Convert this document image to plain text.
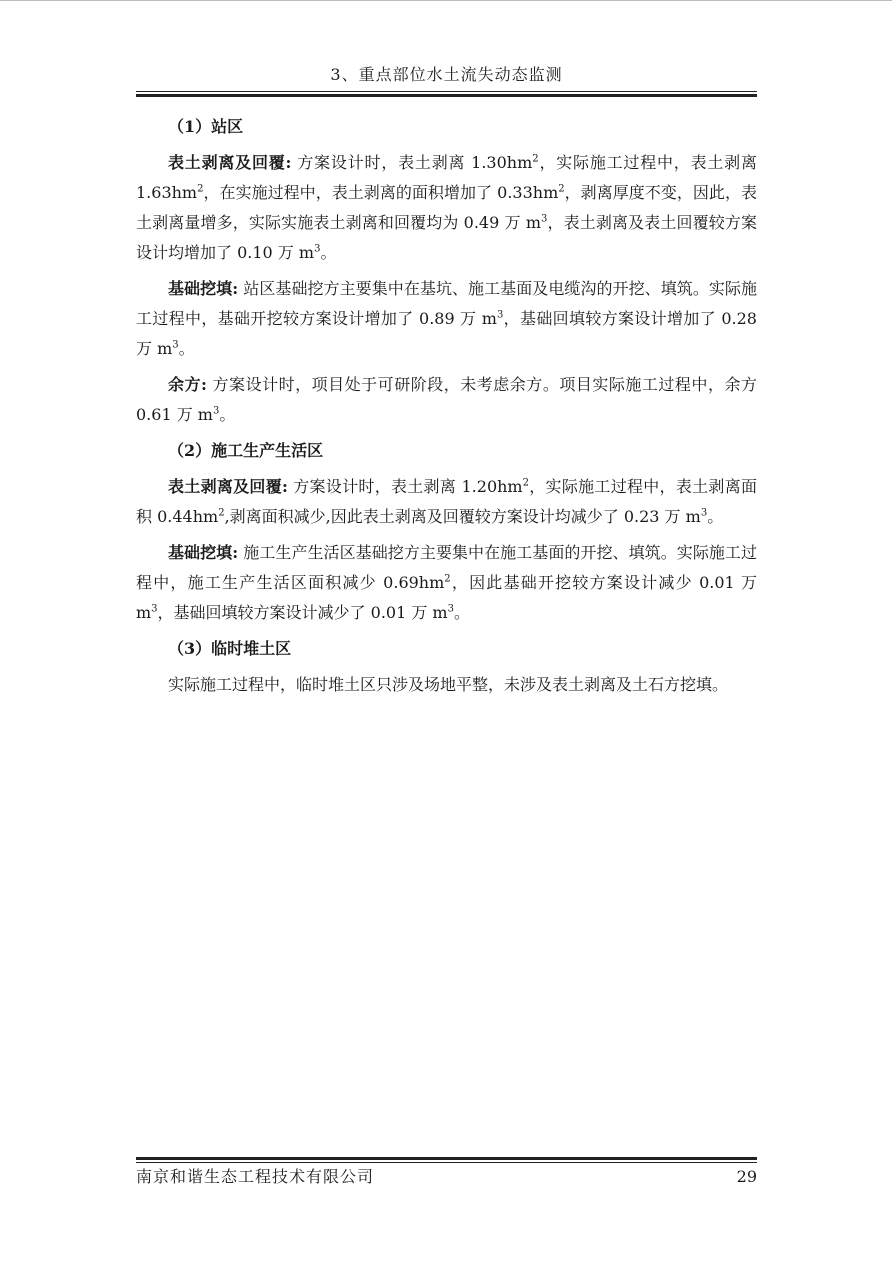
3、重点部位水土流失动态监测
（1）站区

表土剥离及回覆: 方案设计时，表土剥离 $1.30hm^2$，实际施工过程中，表土剥离 $1.63hm^2$，在实施过程中，表土剥离的面积增加了 $0.33hm^2$，剥离厚度不变，因此，表土剥离量增多，实际实施表土剥离和回覆均为 0.49 万 $m^3$，表土剥离及表土回覆较方案设计均增加了 0.10 万 $m^3$。

基础挖填: 站区基础挖方主要集中在基坑、施工基面及电缆沟的开挖、填筑。实际施工过程中，基础开挖较方案设计增加了 0.89 万 $m^3$，基础回填较方案设计增加了 0.28 万 $m^3$。

余方: 方案设计时，项目处于可研阶段，未考虑余方。项目实际施工过程中，余方 0.61 万 $m^3$。

（2）施工生产生活区

表土剥离及回覆: 方案设计时，表土剥离 $1.20hm^2$，实际施工过程中，表土剥离面积 $0.44hm^2$,剥离面积减少,因此表土剥离及回覆较方案设计均减少了 0.23 万 $m^3$。

基础挖填: 施工生产生活区基础挖方主要集中在施工基面的开挖、填筑。实际施工过程中，施工生产生活区面积减少 $0.69hm^2$，因此基础开挖较方案设计减少 0.01 万 $m^3$，基础回填较方案设计减少了 0.01 万 $m^3$。

（3）临时堆土区

实际施工过程中，临时堆土区只涉及场地平整，未涉及表土剥离及土石方挖填。

南京和谐生态工程技术有限公司	29
